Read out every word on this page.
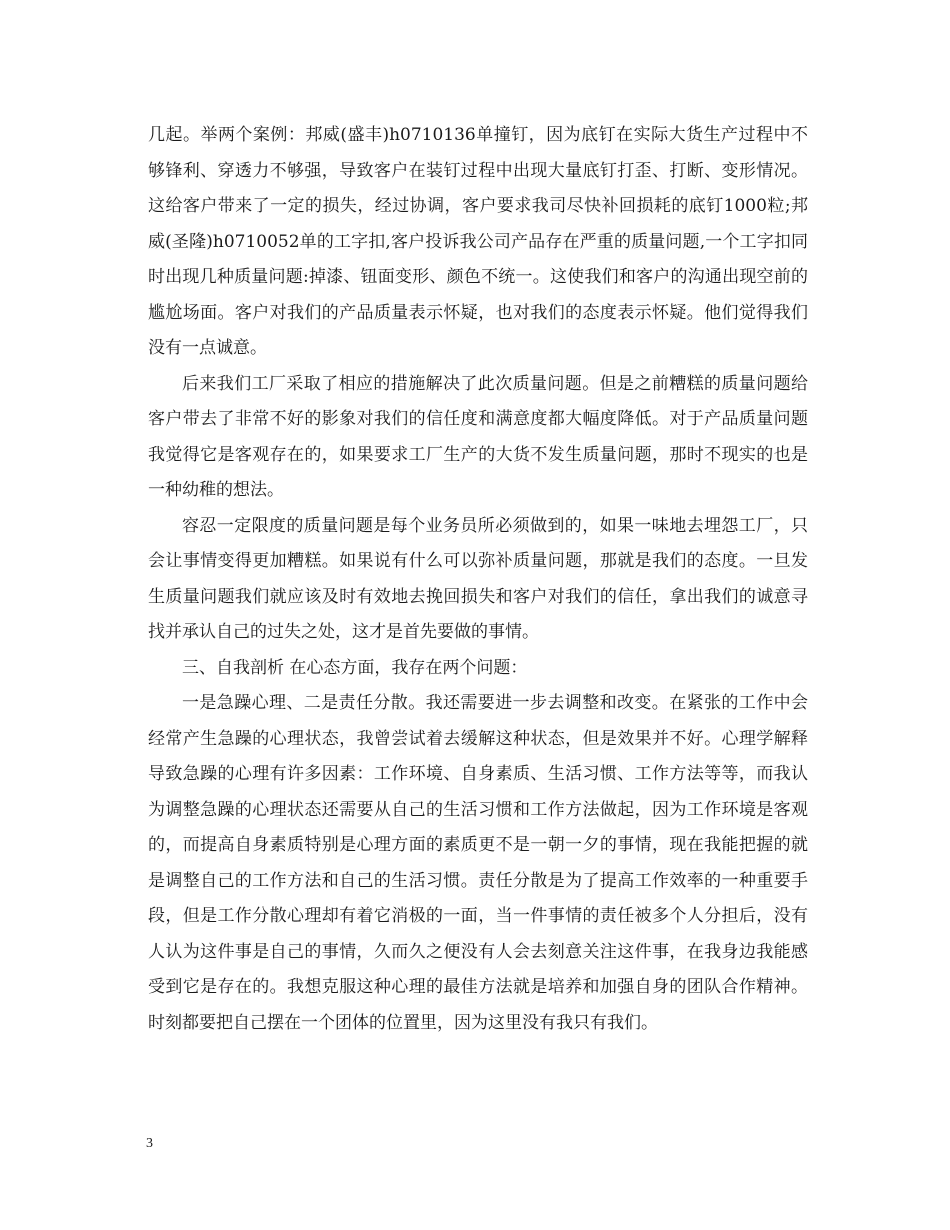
几起。举两个案例：邦威(盛丰)h0710136单撞钉，因为底钉在实际大货生产过程中不够锋利、穿透力不够强，导致客户在装钉过程中出现大量底钉打歪、打断、变形情况。这给客户带来了一定的损失，经过协调，客户要求我司尽快补回损耗的底钉1000粒;邦威(圣隆)h0710052单的工字扣,客户投诉我公司产品存在严重的质量问题,一个工字扣同时出现几种质量问题:掉漆、钮面变形、颜色不统一。这使我们和客户的沟通出现空前的尴尬场面。客户对我们的产品质量表示怀疑，也对我们的态度表示怀疑。他们觉得我们没有一点诚意。

后来我们工厂采取了相应的措施解决了此次质量问题。但是之前糟糕的质量问题给客户带去了非常不好的影象对我们的信任度和满意度都大幅度降低。对于产品质量问题我觉得它是客观存在的，如果要求工厂生产的大货不发生质量问题，那时不现实的也是一种幼稚的想法。

容忍一定限度的质量问题是每个业务员所必须做到的，如果一味地去埋怨工厂，只会让事情变得更加糟糕。如果说有什么可以弥补质量问题，那就是我们的态度。一旦发生质量问题我们就应该及时有效地去挽回损失和客户对我们的信任，拿出我们的诚意寻找并承认自己的过失之处，这才是首先要做的事情。

三、自我剖析 在心态方面，我存在两个问题：

一是急躁心理、二是责任分散。我还需要进一步去调整和改变。在紧张的工作中会经常产生急躁的心理状态，我曾尝试着去缓解这种状态，但是效果并不好。心理学解释导致急躁的心理有许多因素：工作环境、自身素质、生活习惯、工作方法等等，而我认为调整急躁的心理状态还需要从自己的生活习惯和工作方法做起，因为工作环境是客观的，而提高自身素质特别是心理方面的素质更不是一朝一夕的事情，现在我能把握的就是调整自己的工作方法和自己的生活习惯。责任分散是为了提高工作效率的一种重要手段，但是工作分散心理却有着它消极的一面，当一件事情的责任被多个人分担后，没有人认为这件事是自己的事情，久而久之便没有人会去刻意关注这件事，在我身边我能感受到它是存在的。我想克服这种心理的最佳方法就是培养和加强自身的团队合作精神。时刻都要把自己摆在一个团体的位置里，因为这里没有我只有我们。

3
